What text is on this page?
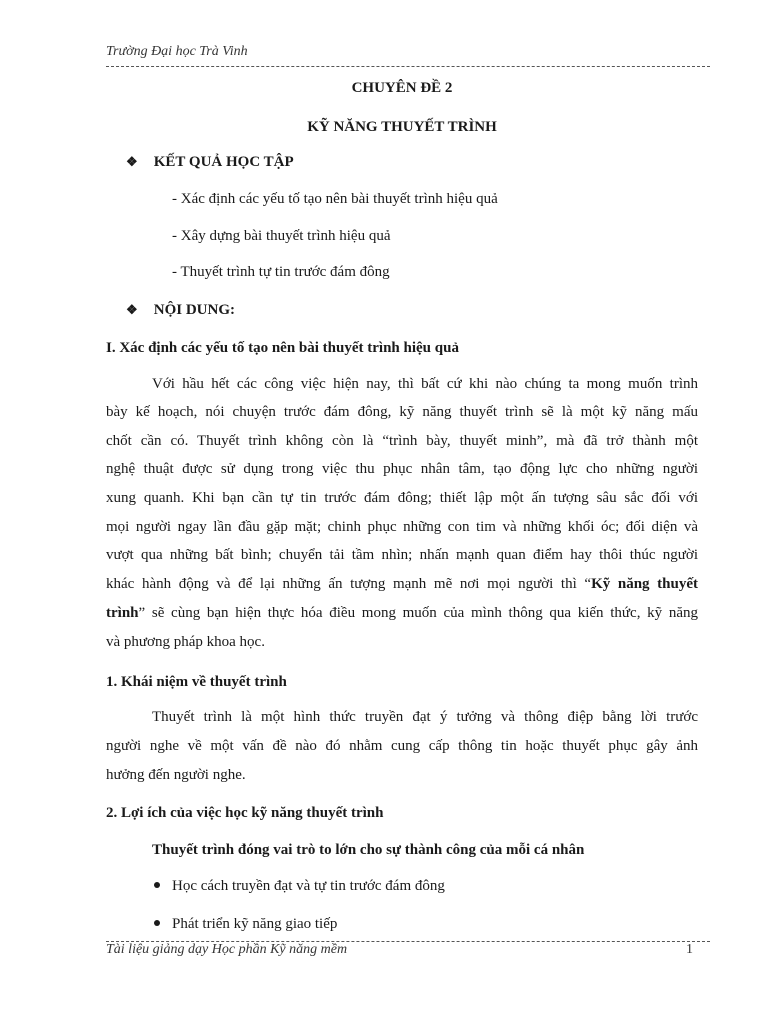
Trường Đại học Trà Vinh
CHUYÊN ĐỀ 2
KỸ NĂNG THUYẾT TRÌNH
❖ KẾT QUẢ HỌC TẬP
- Xác định các yếu tố tạo nên bài thuyết trình hiệu quả
- Xây dựng bài thuyết trình hiệu quả
- Thuyết trình tự tin trước đám đông
❖ NỘI DUNG:
I. Xác định các yếu tố tạo nên bài thuyết trình hiệu quả
Với hầu hết các công việc hiện nay, thì bất cứ khi nào chúng ta mong muốn trình
bày kế hoạch, nói chuyện trước đám đông, kỹ năng thuyết trình sẽ là một kỹ năng mấu
chốt cần có. Thuyết trình không còn là “trình bày, thuyết minh”, mà đã trở thành một
nghệ thuật được sử dụng trong việc thu phục nhân tâm, tạo động lực cho những người
xung quanh. Khi bạn cần tự tin trước đám đông; thiết lập một ấn tượng sâu sắc đối với
mọi người ngay lần đầu gặp mặt; chinh phục những con tim và những khối óc; đối diện và
vượt qua những bất bình; chuyển tải tầm nhìn; nhấn mạnh quan điểm hay thôi thúc người
khác hành động và để lại những ấn tượng mạnh mẽ nơi mọi người thì “Kỹ năng thuyết
trình” sẽ cùng bạn hiện thực hóa điều mong muốn của mình thông qua kiến thức, kỹ năng
và phương pháp khoa học.
1. Khái niệm về thuyết trình
Thuyết trình là một hình thức truyền đạt ý tưởng và thông điệp bằng lời trước
người nghe về một vấn đề nào đó nhằm cung cấp thông tin hoặc thuyết phục gây ảnh
hưởng đến người nghe.
2. Lợi ích của việc học kỹ năng thuyết trình
Thuyết trình đóng vai trò to lớn cho sự thành công của mỗi cá nhân
Học cách truyền đạt và tự tin trước đám đông
Phát triển kỹ năng giao tiếp
Tài liệu giảng dạy Học phần Kỹ năng mềm	1
